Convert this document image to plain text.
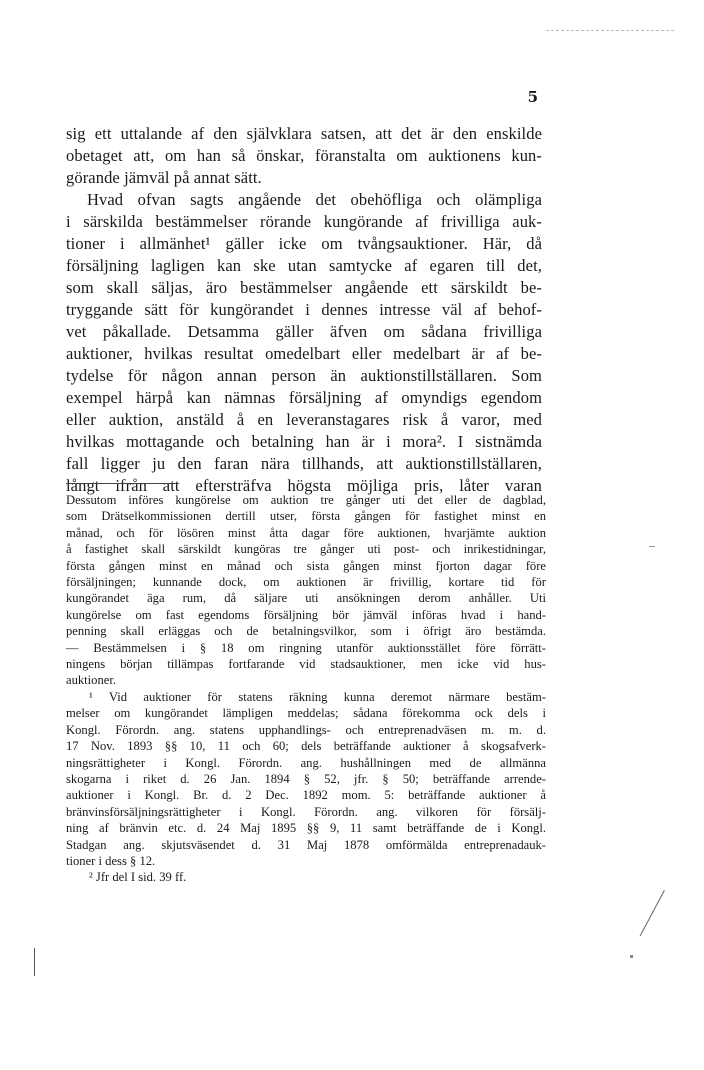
5
sig ett uttalande af den självklara satsen, att det är den enskilde
obetaget att, om han så önskar, föranstalta om auktionens kun-
görande jämväl på annat sätt.
Hvad ofvan sagts angående det obehöfliga och olämpliga
i särskilda bestämmelser rörande kungörande af frivilliga auk-
tioner i allmänhet¹ gäller icke om tvångsauktioner. Här, då
försäljning lagligen kan ske utan samtycke af egaren till det,
som skall säljas, äro bestämmelser angående ett särskildt be-
tryggande sätt för kungörandet i dennes intresse väl af behof-
vet påkallade. Detsamma gäller äfven om sådana frivilliga
auktioner, hvilkas resultat omedelbart eller medelbart är af be-
tydelse för någon annan person än auktionstillställaren. Som
exempel härpå kan nämnas försäljning af omyndigs egendom
eller auktion, anstäld å en leveranstagares risk å varor, med
hvilkas mottagande och betalning han är i mora². I sistnämda
fall ligger ju den faran nära tillhands, att auktionstillställaren,
långt ifrån att eftersträfva högsta möjliga pris, låter varan
Dessutom införes kungörelse om auktion tre gånger uti det eller de dagblad,
som Drätselkommissionen dertill utser, första gången för fastighet minst en
månad, och för lösören minst åtta dagar före auktionen, hvarjämte auktion
å fastighet skall särskildt kungöras tre gånger uti post- och inrikestidningar,
första gången minst en månad och sista gången minst fjorton dagar före
försäljningen; kunnande dock, om auktionen är frivillig, kortare tid för
kungörandet äga rum, då säljare uti ansökningen derom anhåller. Uti
kungörelse om fast egendoms försäljning bör jämväl införas hvad i hand-
penning skall erläggas och de betalningsvilkor, som i öfrigt äro bestämda.
— Bestämmelsen i § 18 om ringning utanför auktionsstället före förrätt-
ningens början tillämpas fortfarande vid stadsauktioner, men icke vid hus-
auktioner.
¹ Vid auktioner för statens räkning kunna deremot närmare bestäm-
melser om kungörandet lämpligen meddelas; sådana förekomma ock dels i
Kongl. Förordn. ang. statens upphandlings- och entreprenadväsen m. m. d.
17 Nov. 1893 §§ 10, 11 och 60; dels beträffande auktioner å skogsafverk-
ningsrättigheter i Kongl. Förordn. ang. hushållningen med de allmänna
skogarna i riket d. 26 Jan. 1894 § 52, jfr. § 50; beträffande arrende-
auktioner i Kongl. Br. d. 2 Dec. 1892 mom. 5: beträffande auktioner å
bränvinsförsäljningsrättigheter i Kongl. Förordn. ang. vilkoren för försälj-
ning af bränvin etc. d. 24 Maj 1895 §§ 9, 11 samt beträffande de i Kongl.
Stadgan ang. skjutsväsendet d. 31 Maj 1878 omförmälda entreprenadauk-
tioner i dess § 12.
² Jfr del I sid. 39 ff.
